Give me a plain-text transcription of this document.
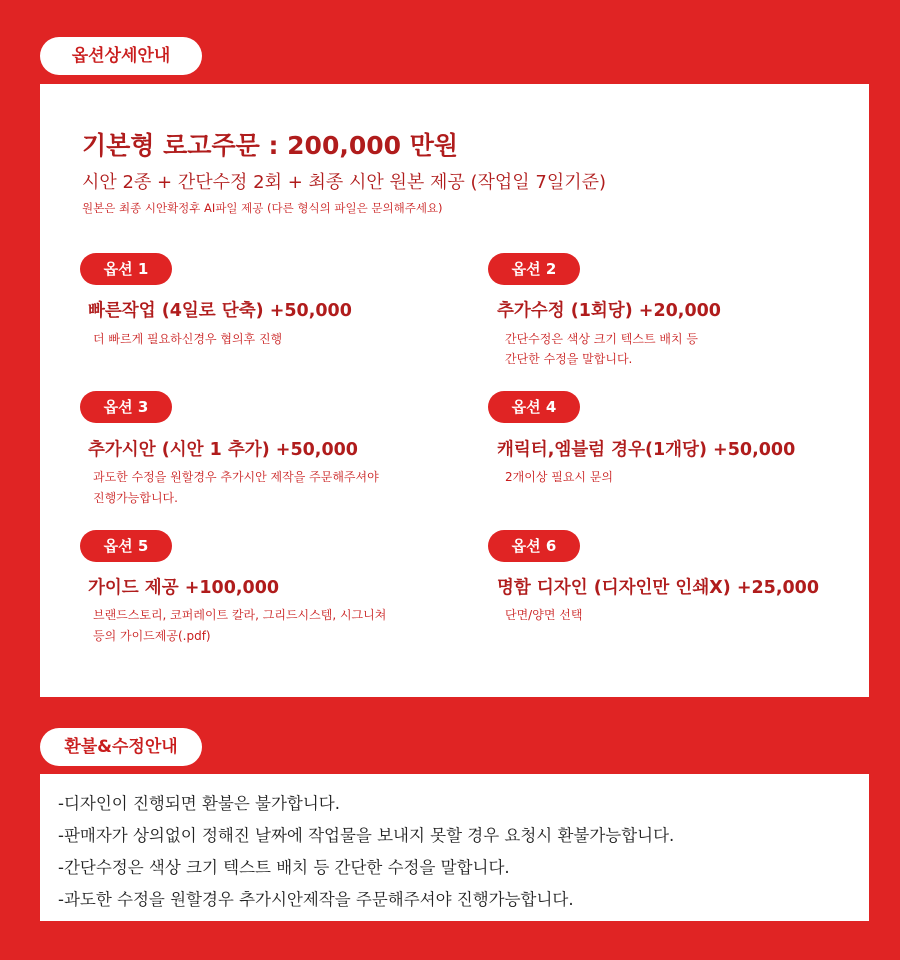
옵션상세안내
기본형 로고주문 : 200,000 만원
시안 2종 + 간단수정 2회 + 최종 시안 원본 제공 (작업일 7일기준)
원본은 최종 시안확정후 AI파일 제공 (다른 형식의 파일은 문의해주세요)
옵션 1
빠른작업 (4일로 단축) +50,000
더 빠르게 필요하신경우 협의후 진행
옵션 2
추가수정 (1회당) +20,000
간단수정은 색상 크기 텍스트 배치 등
간단한 수정을 말합니다.
옵션 3
추가시안 (시안 1 추가) +50,000
과도한 수정을 원할경우 추가시안 제작을 주문해주셔야
진행가능합니다.
옵션 4
캐릭터,엠블럼 경우(1개당) +50,000
2개이상 필요시 문의
옵션 5
가이드 제공 +100,000
브랜드스토리, 코퍼레이트 칼라, 그리드시스템, 시그니쳐
등의 가이드제공(.pdf)
옵션 6
명함 디자인 (디자인만 인쇄X) +25,000
단면/양면 선택
환불&수정안내
-디자인이 진행되면 환불은 불가합니다.
-판매자가 상의없이 정해진 날짜에 작업물을 보내지 못할 경우 요청시 환불가능합니다.
-간단수정은 색상 크기 텍스트 배치 등 간단한 수정을 말합니다.
-과도한 수정을 원할경우 추가시안제작을 주문해주셔야 진행가능합니다.
